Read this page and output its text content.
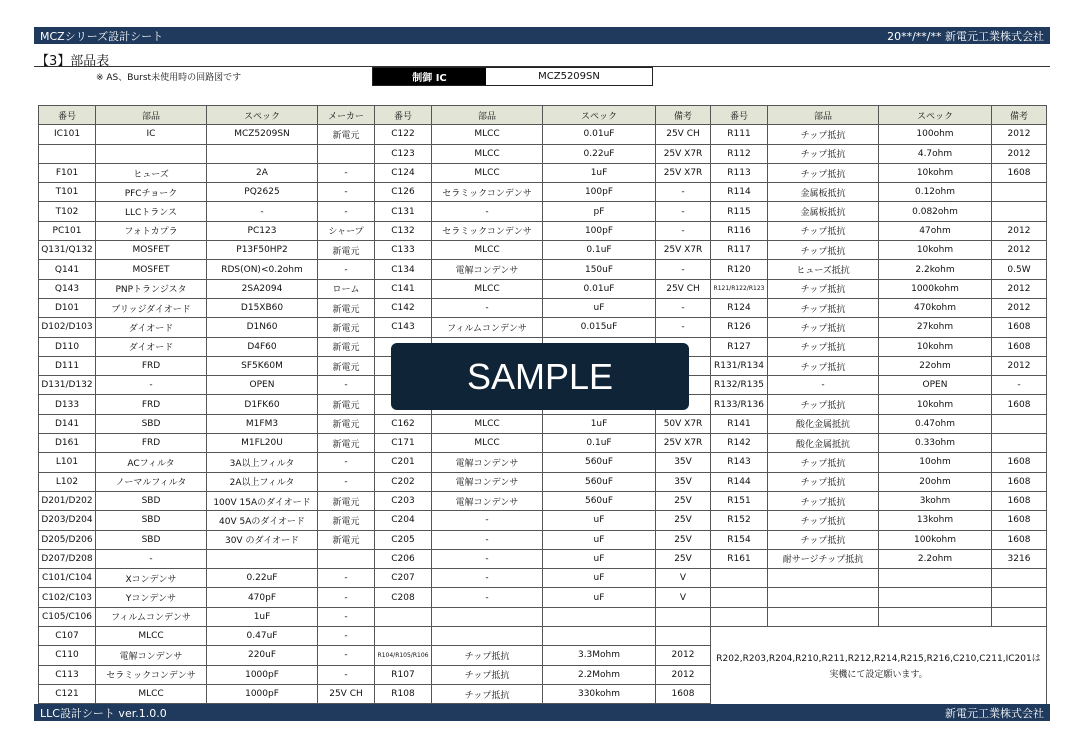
MCZシリーズ設計シート	20**/**/** 新電元工業株式会社
【3】部品表
※ AS、Burst未使用時の回路図です	制御 IC	MCZ5209SN
番号	部品	スペック	メーカー
IC101	IC	MCZ5209SN	新電元

F101	ヒューズ	2A	-
T101	PFCチョーク	PQ2625	-
T102	LLCトランス	-	-
PC101	フォトカプラ	PC123	シャープ
Q131/Q132	MOSFET	P13F50HP2	新電元
Q141	MOSFET	RDS(ON)<0.2ohm	-
Q143	PNPトランジスタ	2SA2094	ローム
D101	ブリッジダイオード	D15XB60	新電元
D102/D103	ダイオード	D1N60	新電元
D110	ダイオード	D4F60	新電元
D111	FRD	SF5K60M	新電元
D131/D132	-	OPEN	-
D133	FRD	D1FK60	新電元
D141	SBD	M1FM3	新電元
D161	FRD	M1FL20U	新電元
L101	ACフィルタ	3A以上フィルタ	-
L102	ノーマルフィルタ	2A以上フィルタ	-
D201/D202	SBD	100V 15Aのダイオード	新電元
D203/D204	SBD	40V 5Aのダイオード	新電元
D205/D206	SBD	30V のダイオード	新電元
D207/D208	-		
C101/C104	Xコンデンサ	0.22uF	-
C102/C103	Yコンデンサ	470pF	-
C105/C106	フィルムコンデンサ	1uF	-
C107	MLCC	0.47uF	-
C110	電解コンデンサ	220uF	-
C113	セラミックコンデンサ	1000pF	-
C121	MLCC	1000pF	25V CH
番号	部品	スペック	備考
C122	MLCC	0.01uF	25V CH
C123	MLCC	0.22uF	25V X7R
C124	MLCC	1uF	25V X7R
C126	セラミックコンデンサ	100pF	-
C131	-	pF	-
C132	セラミックコンデンサ	100pF	-
C133	MLCC	0.1uF	25V X7R
C134	電解コンデンサ	150uF	-
C141	MLCC	0.01uF	25V CH
C142	-	uF	-
C143	フィルムコンデンサ	0.015uF	-

C162	MLCC	1uF	50V X7R
C171	MLCC	0.1uF	25V X7R
C201	電解コンデンサ	560uF	35V
C202	電解コンデンサ	560uF	35V
C203	電解コンデンサ	560uF	25V
C204	-	uF	25V
C205	-	uF	25V
C206	-	uF	25V
C207	-	uF	V
C208	-	uF	V

R104/R105/R106	チップ抵抗	3.3Mohm	2012
R107	チップ抵抗	2.2Mohm	2012
R108	チップ抵抗	330kohm	1608
番号	部品	スペック	備考
R111	チップ抵抗	100ohm	2012
R112	チップ抵抗	4.7ohm	2012
R113	チップ抵抗	10kohm	1608
R114	金属板抵抗	0.12ohm	
R115	金属板抵抗	0.082ohm	
R116	チップ抵抗	47ohm	2012
R117	チップ抵抗	10kohm	2012
R120	ヒューズ抵抗	2.2kohm	0.5W
R121/R122/R123	チップ抵抗	1000kohm	2012
R124	チップ抵抗	470kohm	2012
R126	チップ抵抗	27kohm	1608
R127	チップ抵抗	10kohm	1608
R131/R134	チップ抵抗	22ohm	2012
R132/R135	-	OPEN	-
R133/R136	チップ抵抗	10kohm	1608
R141	酸化金属抵抗	0.47ohm	
R142	酸化金属抵抗	0.33ohm	
R143	チップ抵抗	10ohm	1608
R144	チップ抵抗	20ohm	1608
R151	チップ抵抗	3kohm	1608
R152	チップ抵抗	13kohm	1608
R154	チップ抵抗	100kohm	1608
R161	耐サージチップ抵抗	2.2ohm	3216

R202,R203,R204,R210,R211,R212,R214,R215,R216,C210,C211,IC201は実機にて設定願います。			
SAMPLE
LLC設計シート ver.1.0.0	新電元工業株式会社
